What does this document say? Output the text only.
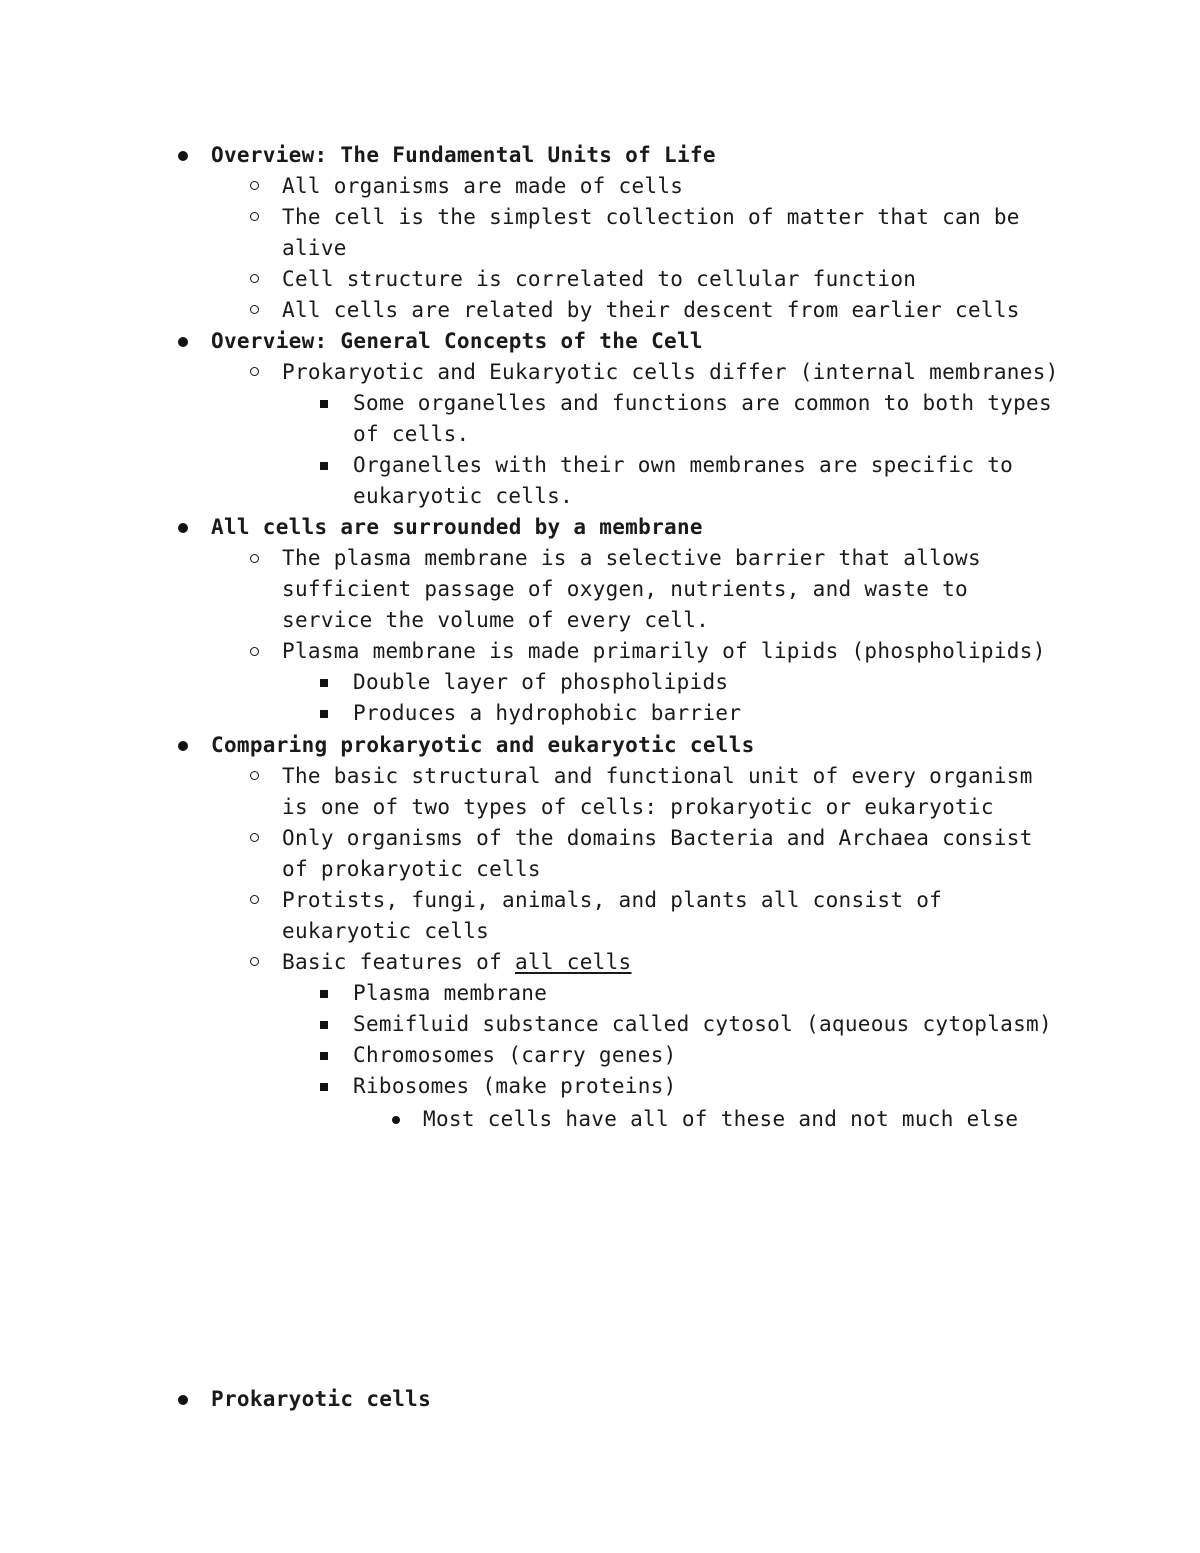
Overview: The Fundamental Units of Life
All organisms are made of cells
The cell is the simplest collection of matter that can be
alive
Cell structure is correlated to cellular function
All cells are related by their descent from earlier cells
Overview: General Concepts of the Cell
Prokaryotic and Eukaryotic cells differ (internal membranes)
Some organelles and functions are common to both types
of cells.
Organelles with their own membranes are specific to
eukaryotic cells.
All cells are surrounded by a membrane
The plasma membrane is a selective barrier that allows
sufficient passage of oxygen, nutrients, and waste to
service the volume of every cell.
Plasma membrane is made primarily of lipids (phospholipids)
Double layer of phospholipids
Produces a hydrophobic barrier
Comparing prokaryotic and eukaryotic cells
The basic structural and functional unit of every organism
is one of two types of cells: prokaryotic or eukaryotic
Only organisms of the domains Bacteria and Archaea consist
of prokaryotic cells
Protists, fungi, animals, and plants all consist of
eukaryotic cells
Basic features of all cells
Plasma membrane
Semifluid substance called cytosol (aqueous cytoplasm)
Chromosomes (carry genes)
Ribosomes (make proteins)
Most cells have all of these and not much else
Prokaryotic cells
